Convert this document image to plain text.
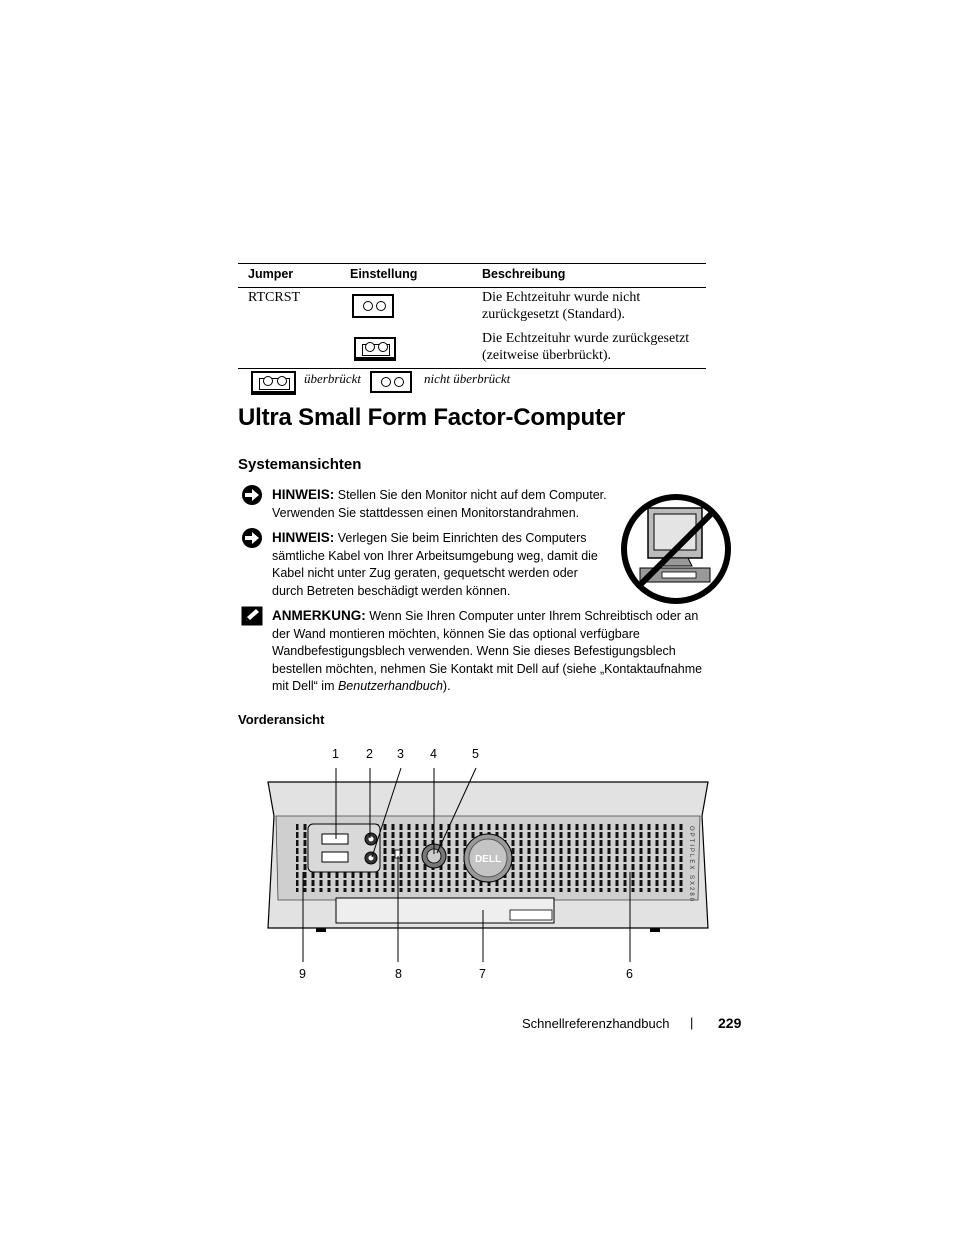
Jumper	Einstellung	Beschreibung
RTCRST	Die Echtzeituhr wurde nicht zurückgesetzt (Standard).
Die Echtzeituhr wurde zurückgesetzt (zeitweise überbrückt).
überbrückt	nicht überbrückt
Ultra Small Form Factor-Computer
Systemansichten
HINWEIS: Stellen Sie den Monitor nicht auf dem Computer. Verwenden Sie stattdessen einen Monitorstandrahmen.
HINWEIS: Verlegen Sie beim Einrichten des Computers sämtliche Kabel von Ihrer Arbeitsumgebung weg, damit die Kabel nicht unter Zug geraten, gequetscht werden oder durch Betreten beschädigt werden können.
ANMERKUNG: Wenn Sie Ihren Computer unter Ihrem Schreibtisch oder an der Wand montieren möchten, können Sie das optional verfügbare Wandbefestigungsblech verwenden. Wenn Sie dieses Befestigungsblech bestellen möchten, nehmen Sie Kontakt mit Dell auf (siehe „Kontaktaufnahme mit Dell“ im Benutzerhandbuch).
Vorderansicht
1 2 3 4	5
9	8	7	6
DELL	OPTIPLEX SX280
Schnellreferenzhandbuch | 229
